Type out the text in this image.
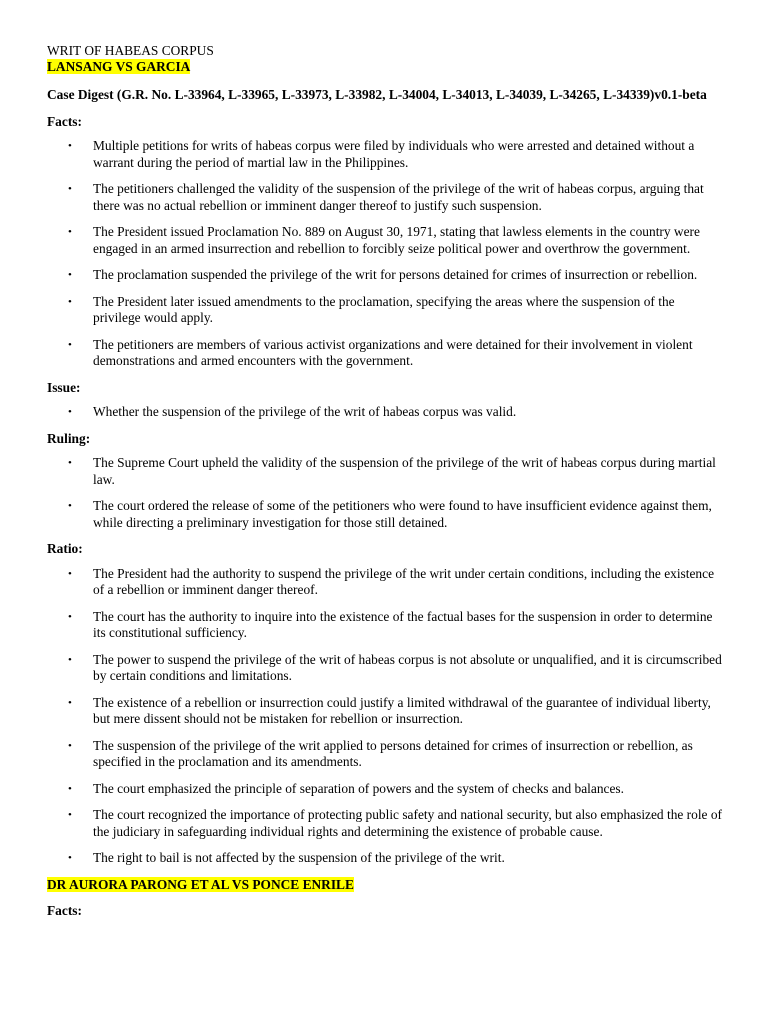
WRIT OF HABEAS CORPUS
LANSANG VS GARCIA

Case Digest (G.R. No. L-33964, L-33965, L-33973, L-33982, L-34004, L-34013, L-34039, L-34265, L-34339)v0.1-beta

Facts:

• Multiple petitions for writs of habeas corpus were filed by individuals who were arrested and detained without a warrant during the period of martial law in the Philippines.
• The petitioners challenged the validity of the suspension of the privilege of the writ of habeas corpus, arguing that there was no actual rebellion or imminent danger thereof to justify such suspension.
• The President issued Proclamation No. 889 on August 30, 1971, stating that lawless elements in the country were engaged in an armed insurrection and rebellion to forcibly seize political power and overthrow the government.
• The proclamation suspended the privilege of the writ for persons detained for crimes of insurrection or rebellion.
• The President later issued amendments to the proclamation, specifying the areas where the suspension of the privilege would apply.
• The petitioners are members of various activist organizations and were detained for their involvement in violent demonstrations and armed encounters with the government.

Issue:

• Whether the suspension of the privilege of the writ of habeas corpus was valid.

Ruling:

• The Supreme Court upheld the validity of the suspension of the privilege of the writ of habeas corpus during martial law.
• The court ordered the release of some of the petitioners who were found to have insufficient evidence against them, while directing a preliminary investigation for those still detained.

Ratio:

• The President had the authority to suspend the privilege of the writ under certain conditions, including the existence of a rebellion or imminent danger thereof.
• The court has the authority to inquire into the existence of the factual bases for the suspension in order to determine its constitutional sufficiency.
• The power to suspend the privilege of the writ of habeas corpus is not absolute or unqualified, and it is circumscribed by certain conditions and limitations.
• The existence of a rebellion or insurrection could justify a limited withdrawal of the guarantee of individual liberty, but mere dissent should not be mistaken for rebellion or insurrection.
• The suspension of the privilege of the writ applied to persons detained for crimes of insurrection or rebellion, as specified in the proclamation and its amendments.
• The court emphasized the principle of separation of powers and the system of checks and balances.
• The court recognized the importance of protecting public safety and national security, but also emphasized the role of the judiciary in safeguarding individual rights and determining the existence of probable cause.
• The right to bail is not affected by the suspension of the privilege of the writ.
DR AURORA PARONG ET AL VS PONCE ENRILE

Facts:
